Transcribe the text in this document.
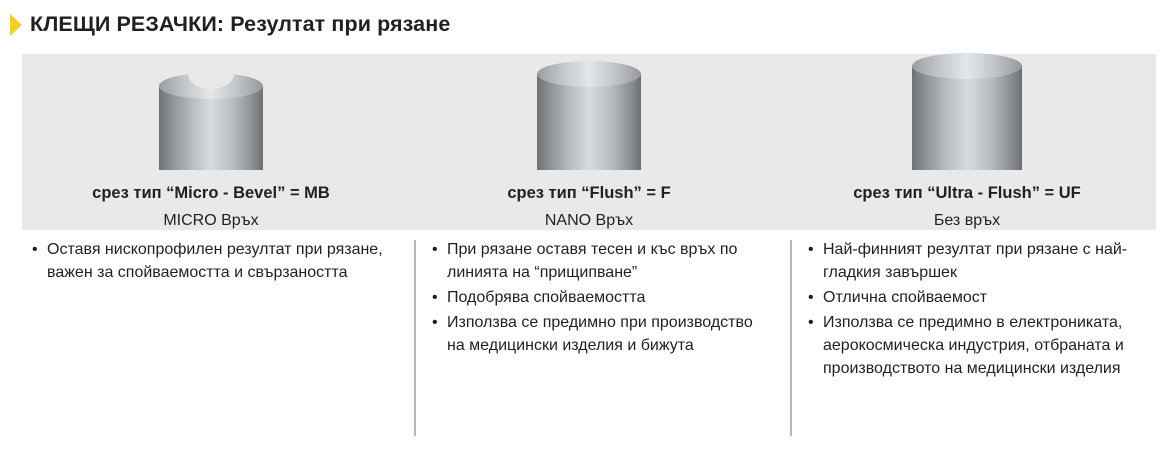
КЛЕЩИ РЕЗАЧКИ: Резултат при рязане
срез тип “Micro - Bevel” = MB
MICRO Връх
срез тип “Flush” = F
NANO Връх
срез тип “Ultra - Flush” = UF
Без връх
• Оставя нископрофилен резултат при рязане, важен за спойваемостта и свързаността
• При рязане оставя тесен и къс връх по линията на “прищипване”
• Подобрява спойваемостта
• Използва се предимно при производство на медицински изделия и бижута
• Най-финният резултат при рязане с най-гладкия завършек
• Отлична спойваемост
• Използва се предимно в електрониката, аерокосмическа индустрия, отбраната и производството на медицински изделия
